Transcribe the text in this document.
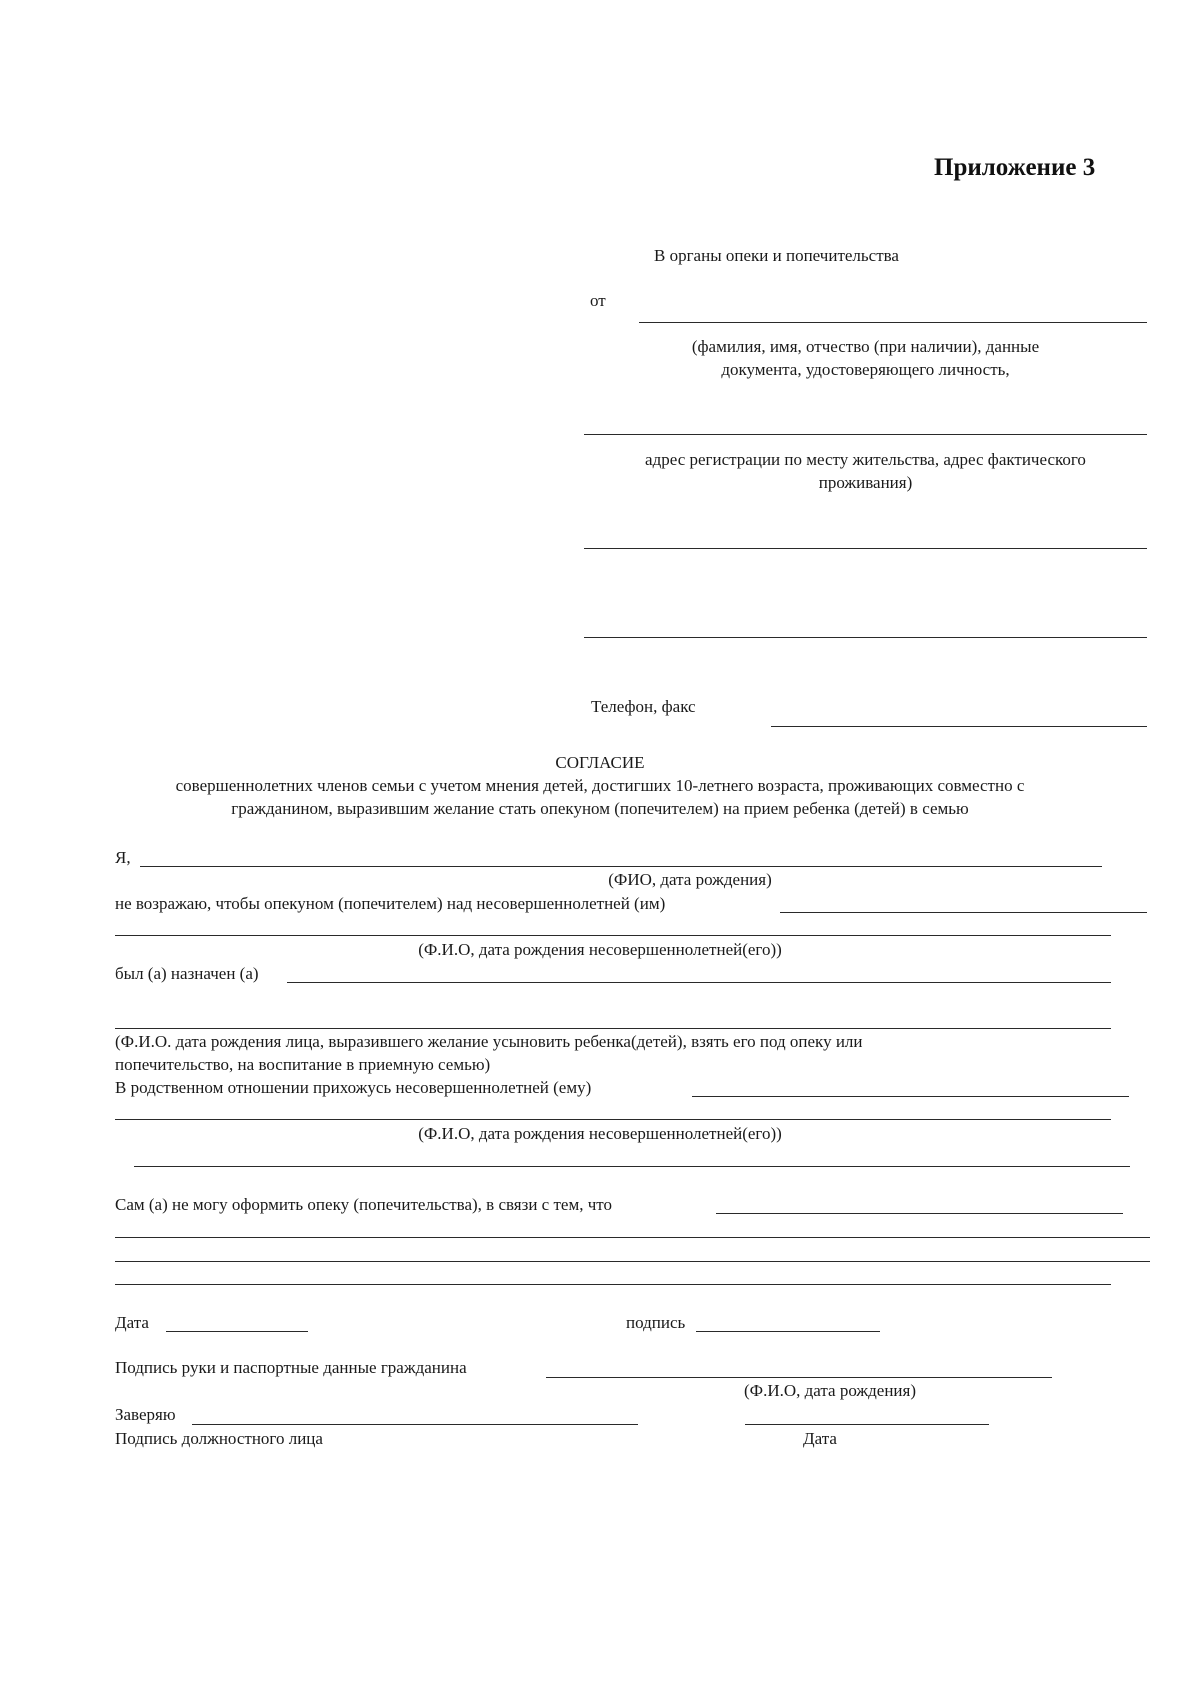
Приложение 3
В органы опеки и попечительства
от
(фамилия, имя, отчество (при наличии), данные
документа, удостоверяющего личность,
адрес регистрации по месту жительства, адрес фактического
проживания)
Телефон, факс
СОГЛАСИЕ
совершеннолетних членов семьи с учетом мнения детей, достигших 10-летнего возраста, проживающих совместно с
гражданином, выразившим желание стать опекуном (попечителем) на прием ребенка (детей) в семью
Я,
(ФИО, дата рождения)
не возражаю, чтобы опекуном (попечителем) над несовершеннолетней (им)
(Ф.И.О, дата рождения несовершеннолетней(его))
был (а) назначен (а)
(Ф.И.О. дата рождения лица, выразившего желание усыновить ребенка(детей), взять его под опеку или
попечительство, на воспитание в приемную семью)
В родственном отношении прихожусь несовершеннолетней (ему)
(Ф.И.О, дата рождения несовершеннолетней(его))
Сам (а) не могу оформить опеку (попечительства), в связи с тем, что
Дата	подпись
Подпись руки и паспортные данные гражданина
(Ф.И.О, дата рождения)
Заверяю
Подпись должностного лица	Дата
